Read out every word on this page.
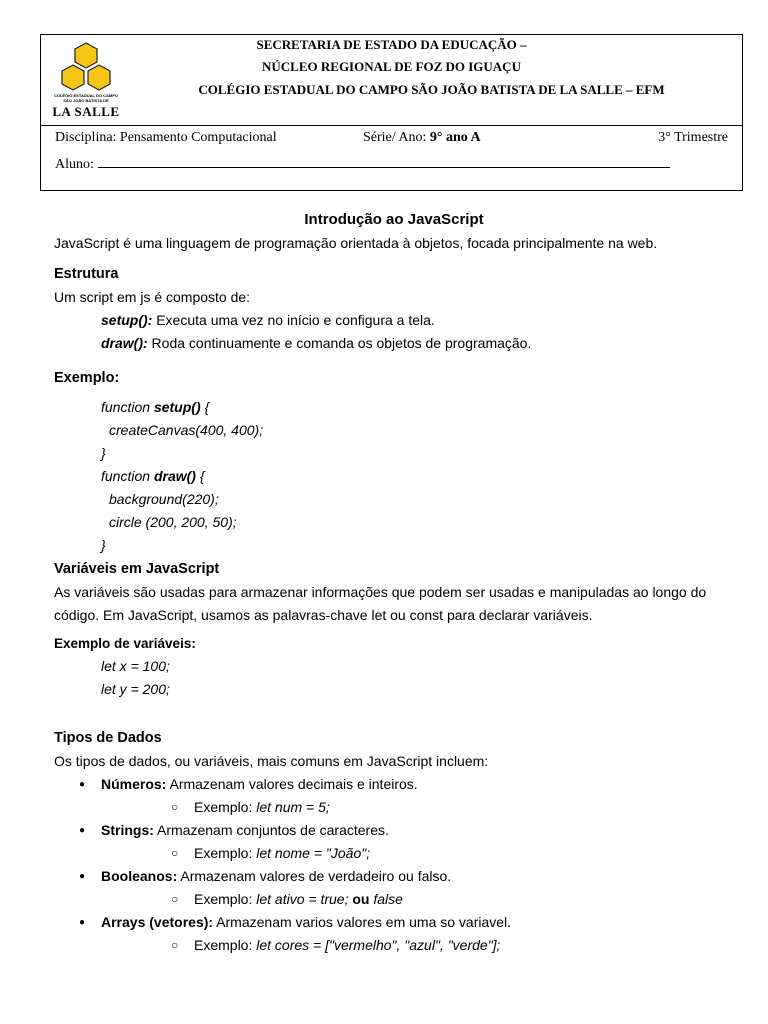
COLÉGIO ESTADUAL DO CAMPO SÃO JOÃO BATISTA DE
LA SALLE
SECRETARIA DE ESTADO DA EDUCAÇÃO –
NÚCLEO REGIONAL DE FOZ DO IGUAÇU
COLÉGIO ESTADUAL DO CAMPO SÃO JOÃO BATISTA DE LA SALLE – EFM
Disciplina: Pensamento Computacional	Série/ Ano: 9° ano A	3° Trimestre
Aluno:
Introdução ao JavaScript

JavaScript é uma linguagem de programação orientada à objetos, focada principalmente na web.

Estrutura

Um script em js é composto de:

setup(): Executa uma vez no início e configura a tela.

draw(): Roda continuamente e comanda os objetos de programação.

Exemplo:
function setup() {
createCanvas(400, 400);
}
function draw() {
background(220);
circle (200, 200, 50);
}
Variáveis em JavaScript

As variáveis são usadas para armazenar informações que podem ser usadas e manipuladas ao longo do

código. Em JavaScript, usamos as palavras-chave let ou const para declarar variáveis.

Exemplo de variáveis:

let x = 100;
let y = 200;
Tipos de Dados

Os tipos de dados, ou variáveis, mais comuns em JavaScript incluem:

● Números: Armazenam valores decimais e inteiros.
○ Exemplo: let num = 5;
● Strings: Armazenam conjuntos de caracteres.
○ Exemplo: let nome = "João";
● Booleanos: Armazenam valores de verdadeiro ou falso.
○ Exemplo: let ativo = true; ou false
● Arrays (vetores): Armazenam varios valores em uma so variavel.
○ Exemplo: let cores = ["vermelho", "azul", "verde"];
